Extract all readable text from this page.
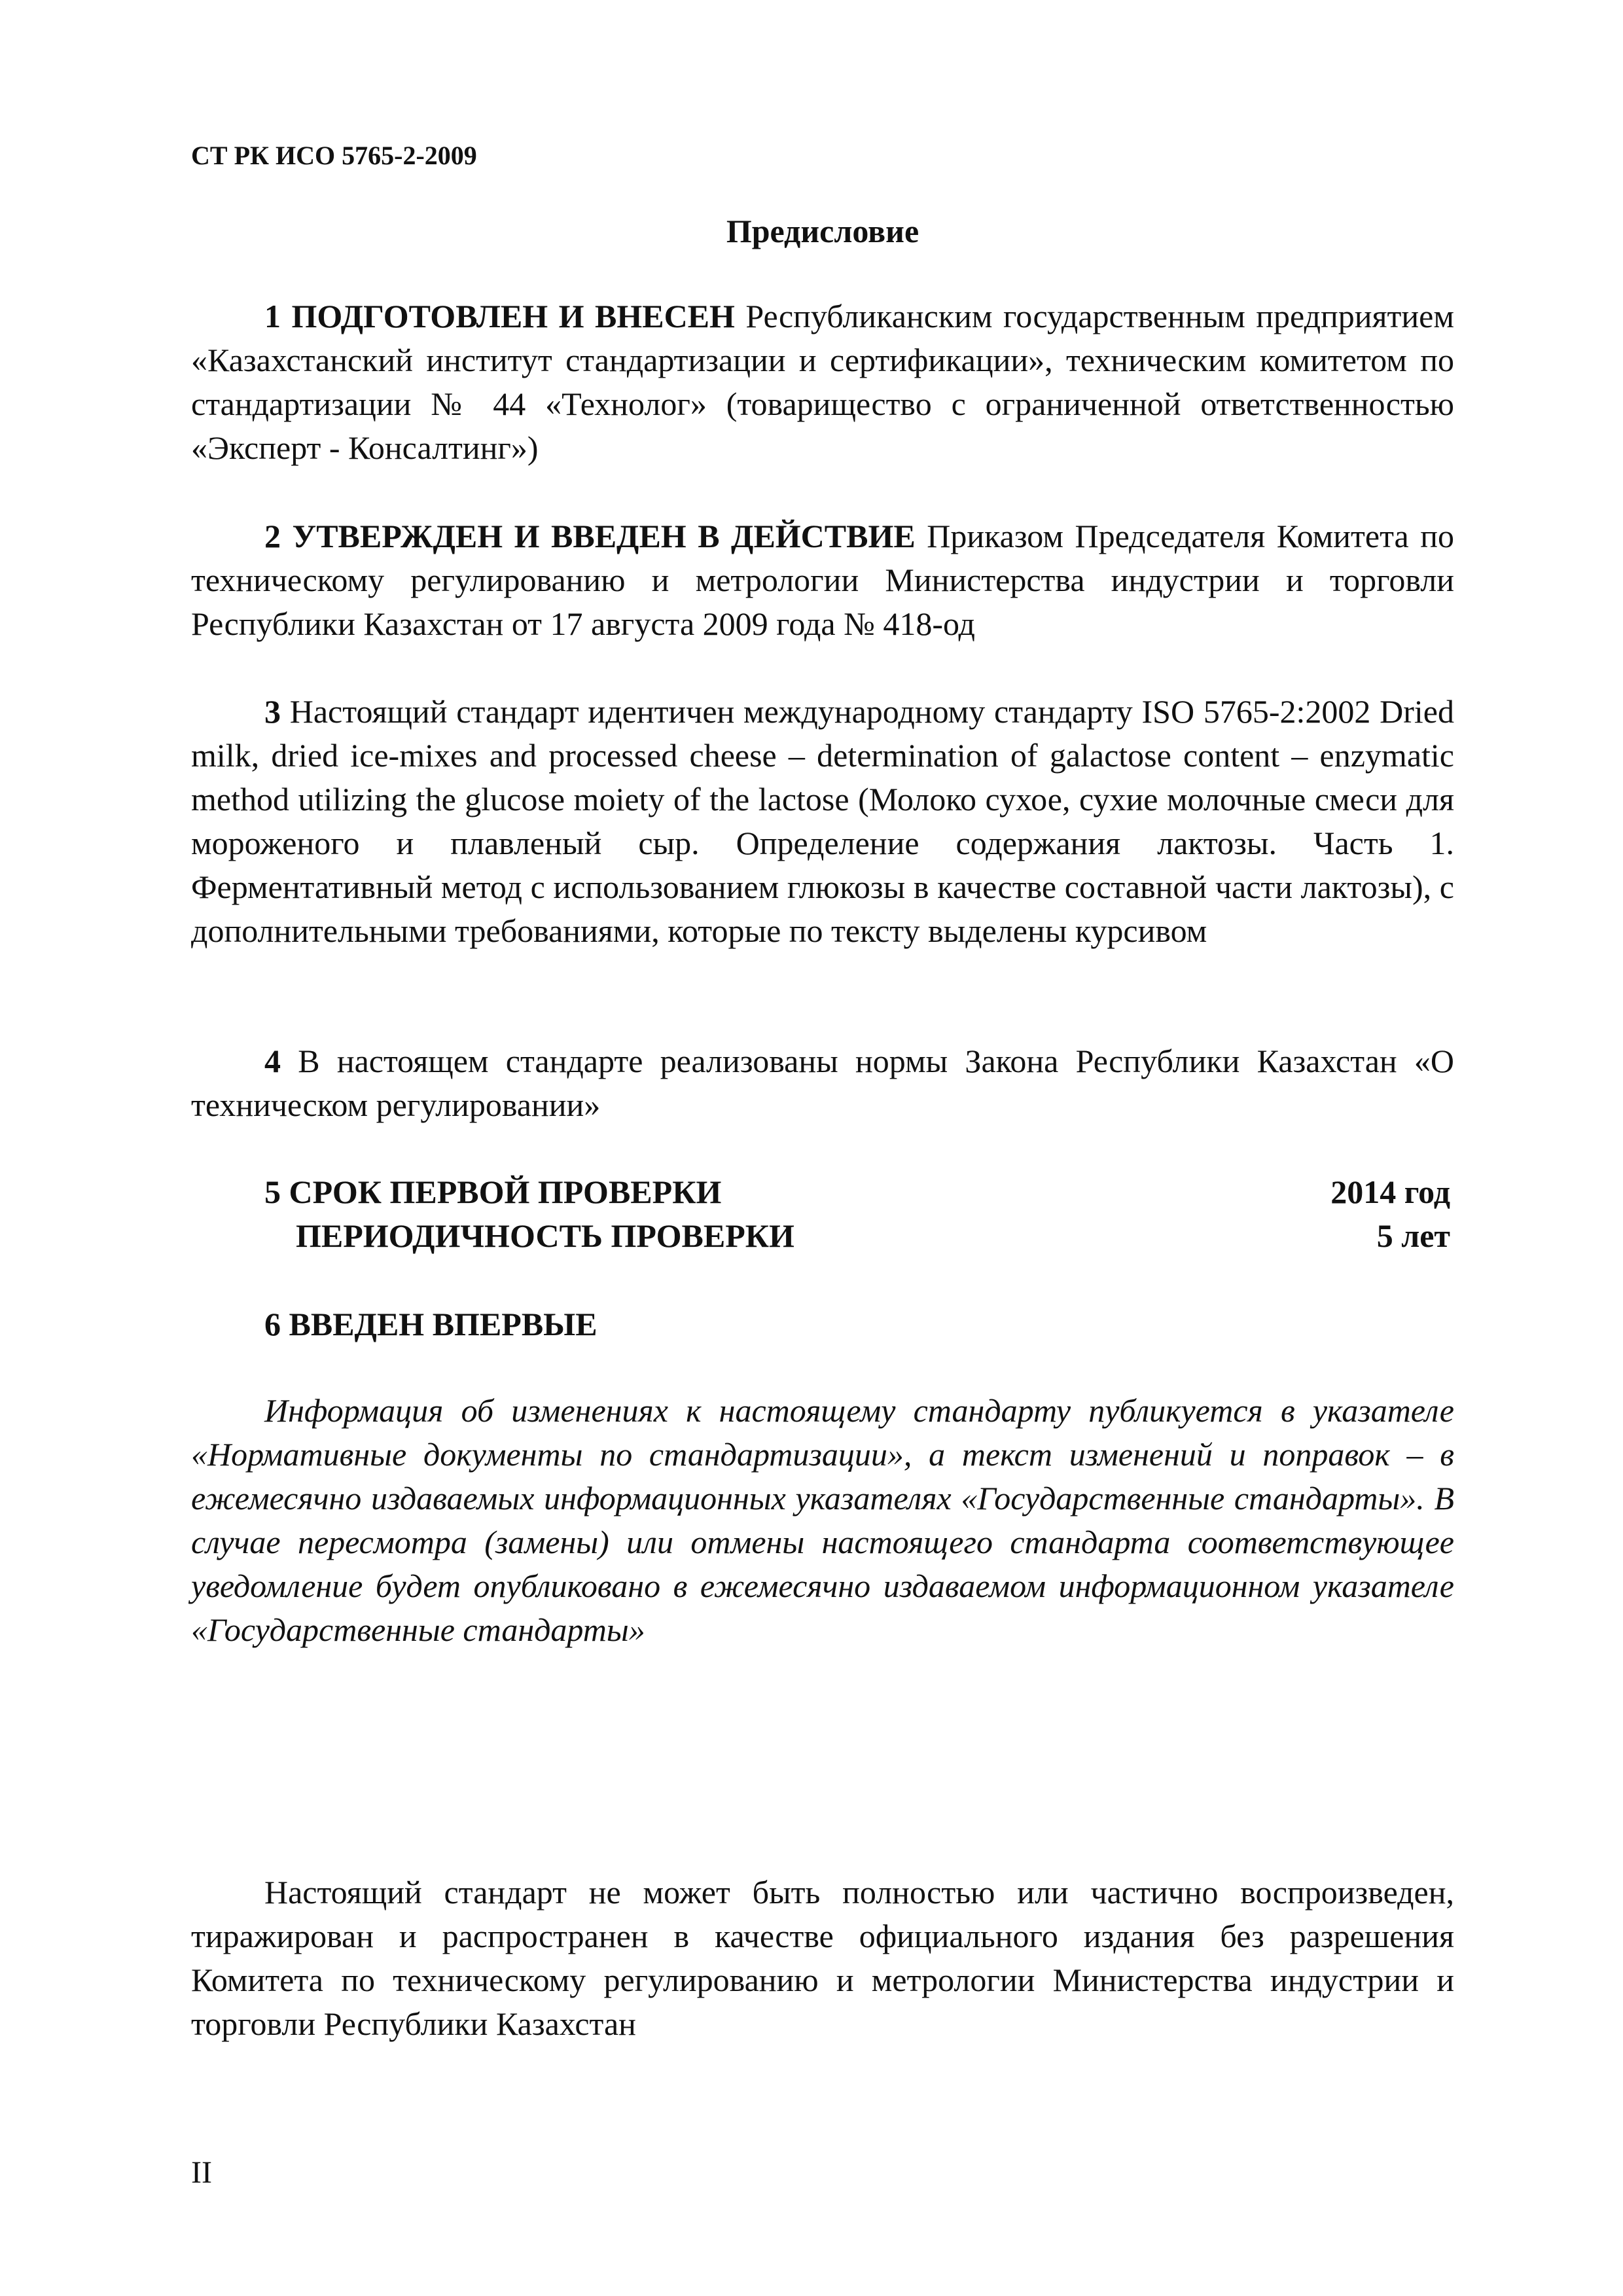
СТ РК ИСО 5765-2-2009
Предисловие

1 ПОДГОТОВЛЕН И ВНЕСЕН Республиканским государственным предприятием «Казахстанский институт стандартизации и сертификации», техническим комитетом по стандартизации № 44 «Технолог» (товарищество с ограниченной ответственностью «Эксперт - Консалтинг»)

2 УТВЕРЖДЕН И ВВЕДЕН В ДЕЙСТВИЕ Приказом Председателя Комитета по техническому регулированию и метрологии Министерства индустрии и торговли Республики Казахстан от 17 августа 2009 года № 418-од

3 Настоящий стандарт идентичен международному стандарту ISO 5765-2:2002 Dried milk, dried ice-mixes and processed cheese – determination of galactose content – enzymatic method utilizing the glucose moiety of the lactose (Молоко сухое, сухие молочные смеси для мороженого и плавленый сыр. Определение содержания лактозы. Часть 1. Ферментативный метод с использованием глюкозы в качестве составной части лактозы), с дополнительными требованиями, которые по тексту выделены курсивом

4 В настоящем стандарте реализованы нормы Закона Республики Казахстан «О техническом регулировании»

5 СРОК ПЕРВОЙ ПРОВЕРКИ	2014 год
ПЕРИОДИЧНОСТЬ ПРОВЕРКИ	5 лет
6 ВВЕДЕН ВПЕРВЫЕ

Информация об изменениях к настоящему стандарту публикуется в указателе «Нормативные документы по стандартизации», а текст изменений и поправок – в ежемесячно издаваемых информационных указателях «Государственные стандарты». В случае пересмотра (замены) или отмены настоящего стандарта соответствующее уведомление будет опубликовано в ежемесячно издаваемом информационном указателе «Государственные стандарты»

Настоящий стандарт не может быть полностью или частично воспроизведен, тиражирован и распространен в качестве официального издания без разрешения Комитета по техническому регулированию и метрологии Министерства индустрии и торговли Республики Казахстан

II
